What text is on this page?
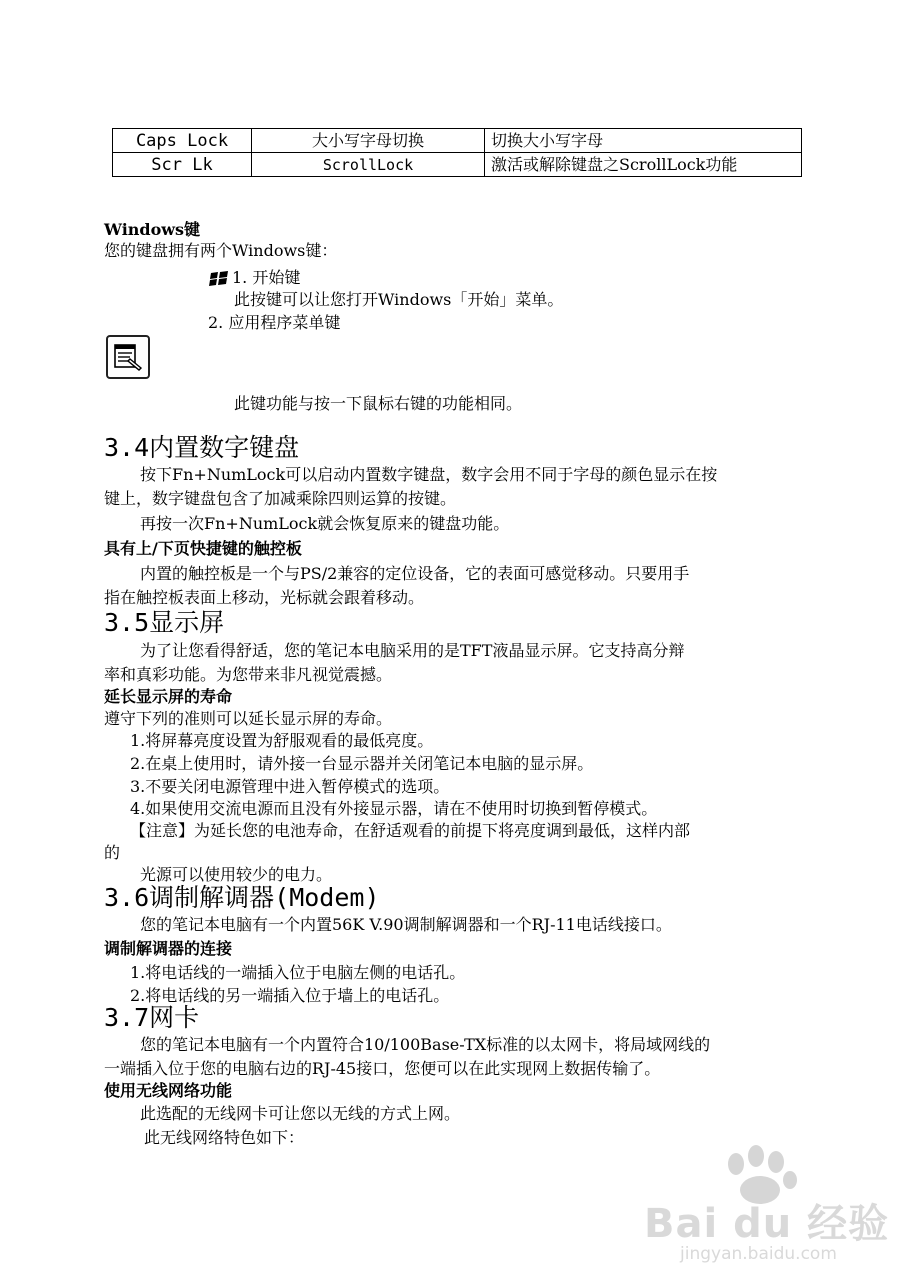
Caps Lock	大小写字母切换	切换大小写字母
Scr Lk	ScrollLock	激活或解除键盘之ScrollLock功能
Windows键
您的键盘拥有两个Windows键：
1. 开始键
此按键可以让您打开Windows「开始」菜单。
2. 应用程序菜单键
此键功能与按一下鼠标右键的功能相同。
3.4内置数字键盘
按下Fn+NumLock可以启动内置数字键盘，数字会用不同于字母的颜色显示在按
键上，数字键盘包含了加减乘除四则运算的按键。
再按一次Fn+NumLock就会恢复原来的键盘功能。
具有上/下页快捷键的触控板
内置的触控板是一个与PS/2兼容的定位设备，它的表面可感觉移动。只要用手
指在触控板表面上移动，光标就会跟着移动。
3.5显示屏
为了让您看得舒适，您的笔记本电脑采用的是TFT液晶显示屏。它支持高分辩
率和真彩功能。为您带来非凡视觉震撼。
延长显示屏的寿命
遵守下列的准则可以延长显示屏的寿命。
1.将屏幕亮度设置为舒服观看的最低亮度。
2.在桌上使用时，请外接一台显示器并关闭笔记本电脑的显示屏。
3.不要关闭电源管理中进入暂停模式的选项。
4.如果使用交流电源而且没有外接显示器，请在不使用时切换到暂停模式。
【注意】为延长您的电池寿命，在舒适观看的前提下将亮度调到最低，这样内部
的
光源可以使用较少的电力。
3.6调制解调器(Modem)
您的笔记本电脑有一个内置56K V.90调制解调器和一个RJ-11电话线接口。
调制解调器的连接
1.将电话线的一端插入位于电脑左侧的电话孔。
2.将电话线的另一端插入位于墙上的电话孔。
3.7网卡
您的笔记本电脑有一个内置符合10/100Base-TX标准的以太网卡，将局域网线的
一端插入位于您的电脑右边的RJ-45接口，您便可以在此实现网上数据传输了。
使用无线网络功能
此选配的无线网卡可让您以无线的方式上网。
此无线网络特色如下：
Bai du 经验
jingyan.baidu.com
